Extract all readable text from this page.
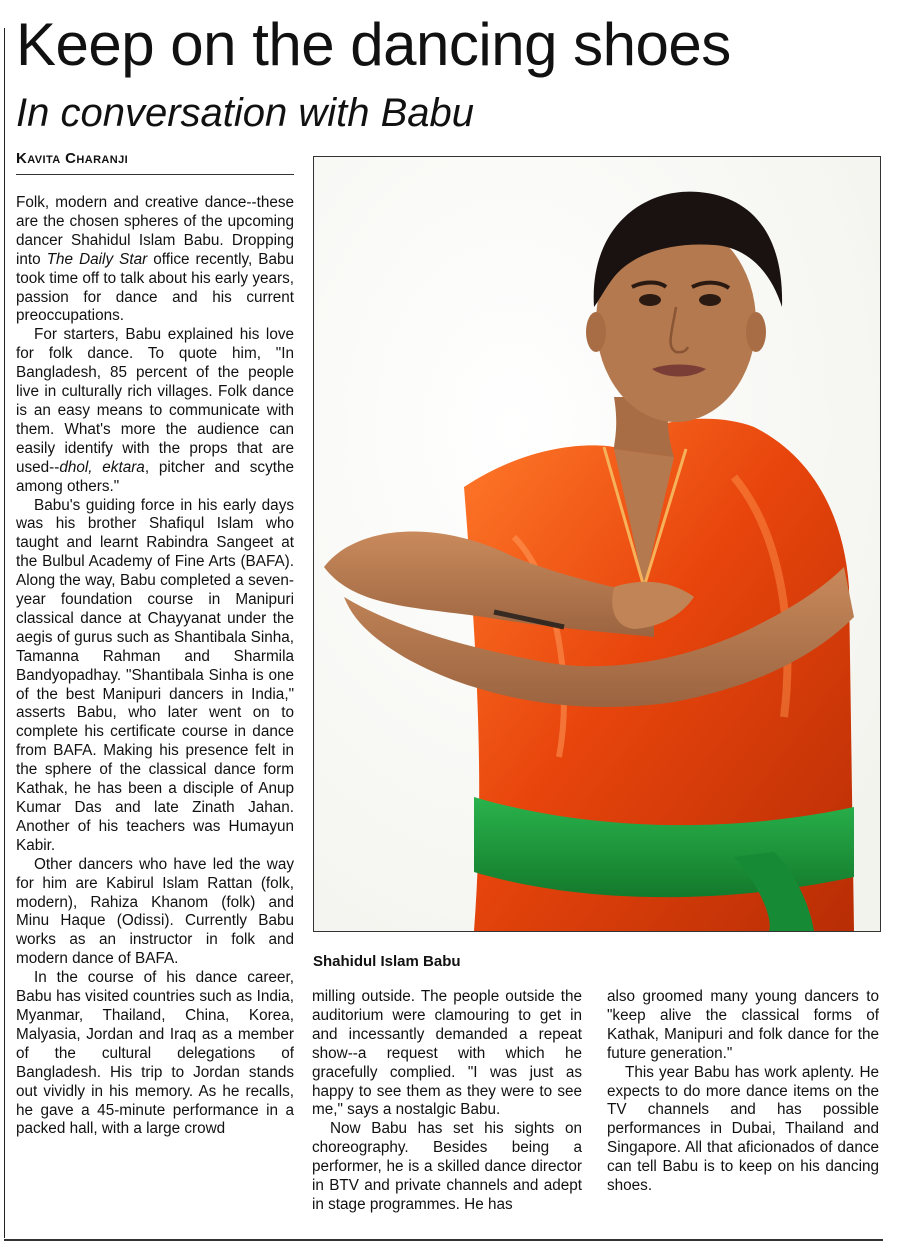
Keep on the dancing shoes
In conversation with Babu
Kavita Charanji

Folk, modern and creative dance--these are the chosen spheres of the upcoming dancer Shahidul Islam Babu. Dropping into The Daily Star office recently, Babu took time off to talk about his early years, passion for dance and his current preoccupations.

For starters, Babu explained his love for folk dance. To quote him, "In Bangladesh, 85 percent of the people live in culturally rich villages. Folk dance is an easy means to communicate with them. What's more the audience can easily identify with the props that are used--dhol, ektara, pitcher and scythe among others."

Babu's guiding force in his early days was his brother Shafiqul Islam who taught and learnt Rabindra Sangeet at the Bulbul Academy of Fine Arts (BAFA). Along the way, Babu completed a seven-year foundation course in Manipuri classical dance at Chayyanat under the aegis of gurus such as Shantibala Sinha, Tamanna Rahman and Sharmila Bandyopadhay. "Shantibala Sinha is one of the best Manipuri dancers in India," asserts Babu, who later went on to complete his certificate course in dance from BAFA. Making his presence felt in the sphere of the classical dance form Kathak, he has been a disciple of Anup Kumar Das and late Zinath Jahan. Another of his teachers was Humayun Kabir.

Other dancers who have led the way for him are Kabirul Islam Rattan (folk, modern), Rahiza Khanom (folk) and Minu Haque (Odissi). Currently Babu works as an instructor in folk and modern dance of BAFA.

In the course of his dance career, Babu has visited countries such as India, Myanmar, Thailand, China, Korea, Malyasia, Jordan and Iraq as a member of the cultural delegations of Bangladesh. His trip to Jordan stands out vividly in his memory. As he recalls, he gave a 45-minute performance in a packed hall, with a large crowd

Shahidul Islam Babu

milling outside. The people outside the auditorium were clamouring to get in and incessantly demanded a repeat show--a request with which he gracefully complied. "I was just as happy to see them as they were to see me," says a nostalgic Babu.

Now Babu has set his sights on choreography. Besides being a performer, he is a skilled dance director in BTV and private channels and adept in stage programmes. He has

also groomed many young dancers to "keep alive the classical forms of Kathak, Manipuri and folk dance for the future generation."

This year Babu has work aplenty. He expects to do more dance items on the TV channels and has possible performances in Dubai, Thailand and Singapore. All that aficionados of dance can tell Babu is to keep on his dancing shoes.
